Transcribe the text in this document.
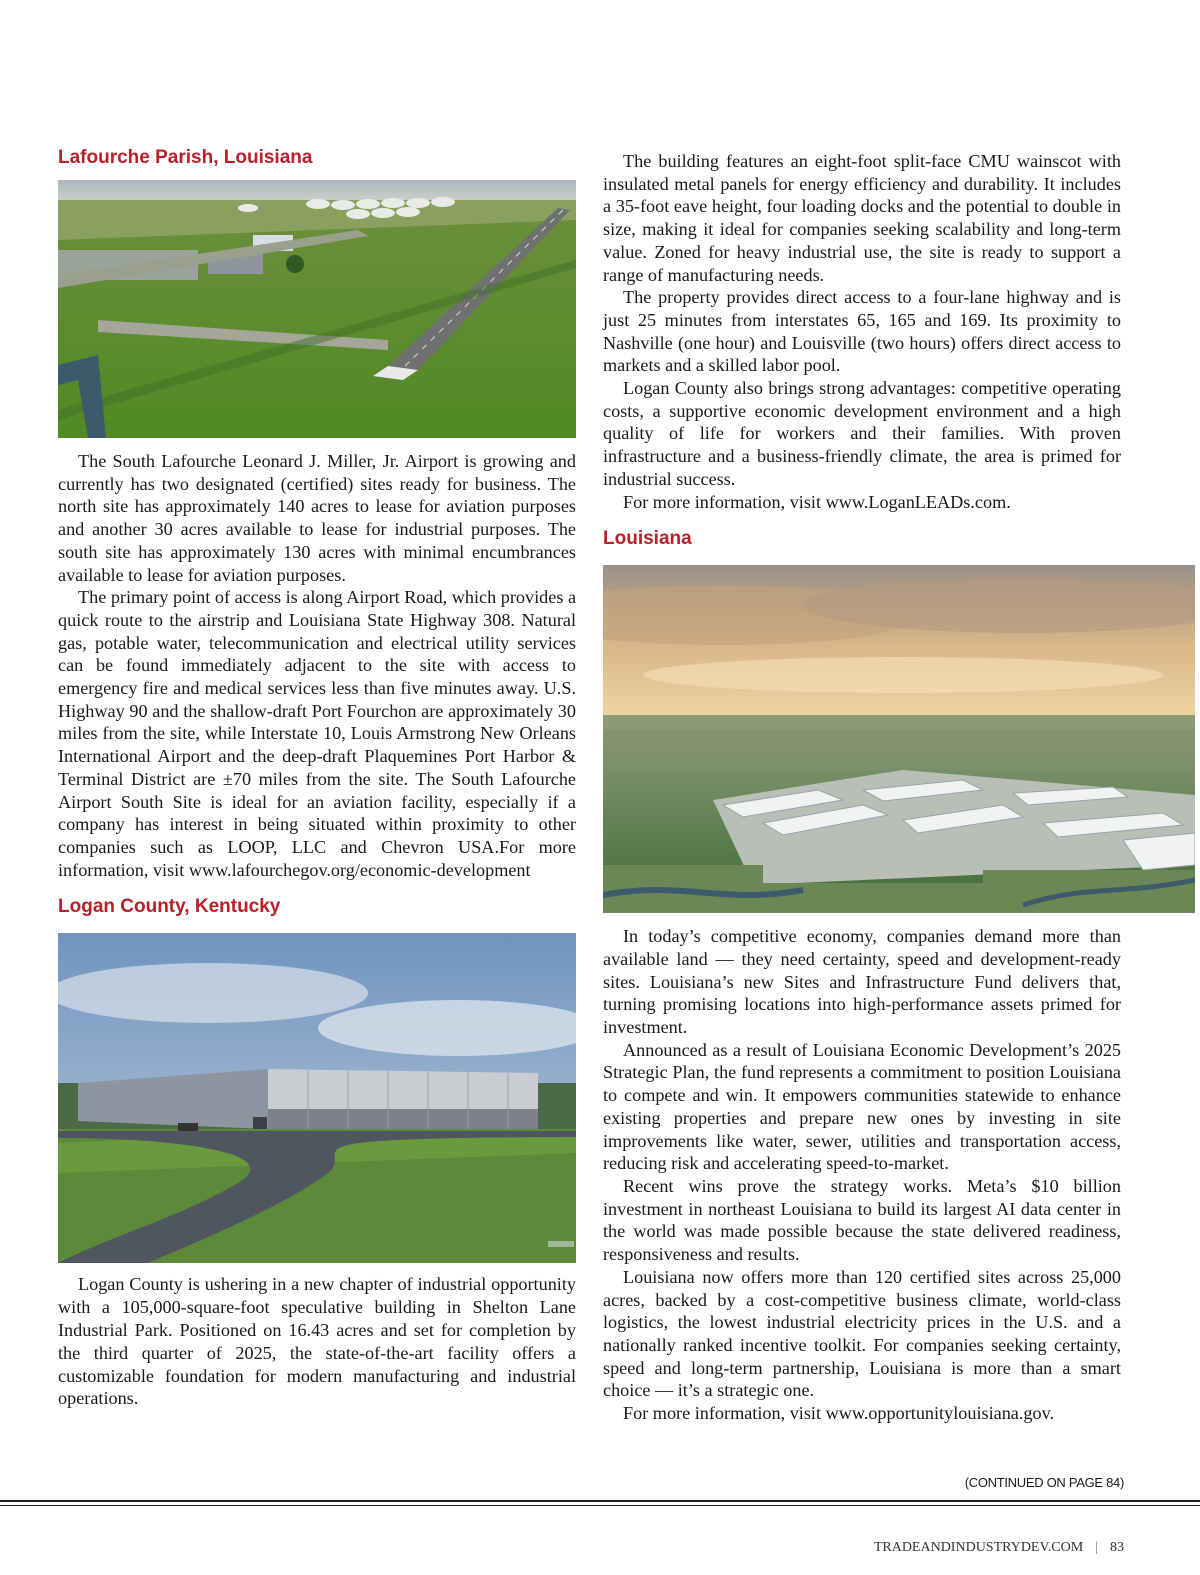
Lafourche Parish, Louisiana

The South Lafourche Leonard J. Miller, Jr. Airport is growing and currently has two designated (certified) sites ready for business. The north site has approximately 140 acres to lease for aviation purposes and another 30 acres available to lease for industrial purposes. The south site has approximately 130 acres with minimal encumbrances available to lease for aviation purposes.

The primary point of access is along Airport Road, which provides a quick route to the airstrip and Louisiana State Highway 308. Natural gas, potable water, telecommunication and electrical utility services can be found immediately adjacent to the site with access to emergency fire and medical services less than five minutes away. U.S. Highway 90 and the shallow-draft Port Fourchon are approximately 30 miles from the site, while Interstate 10, Louis Armstrong New Orleans International Airport and the deep-draft Plaquemines Port Harbor & Terminal District are ±70 miles from the site. The South Lafourche Airport South Site is ideal for an aviation facility, especially if a company has interest in being situated within proximity to other companies such as LOOP, LLC and Chevron USA.For more information, visit www.lafourchegov.org/economic-development

Logan County, Kentucky

Logan County is ushering in a new chapter of industrial opportunity with a 105,000-square-foot speculative building in Shelton Lane Industrial Park. Positioned on 16.43 acres and set for completion by the third quarter of 2025, the state-of-the-art facility offers a customizable foundation for modern manufacturing and industrial operations.

The building features an eight-foot split-face CMU wainscot with insulated metal panels for energy efficiency and durability. It includes a 35-foot eave height, four loading docks and the potential to double in size, making it ideal for companies seeking scalability and long-term value. Zoned for heavy industrial use, the site is ready to support a range of manufacturing needs.

The property provides direct access to a four-lane highway and is just 25 minutes from interstates 65, 165 and 169. Its proximity to Nashville (one hour) and Louisville (two hours) offers direct access to markets and a skilled labor pool.

Logan County also brings strong advantages: competitive operating costs, a supportive economic development environment and a high quality of life for workers and their families. With proven infrastructure and a business-friendly climate, the area is primed for industrial success.

For more information, visit www.LoganLEADs.com.

Louisiana

In today’s competitive economy, companies demand more than available land — they need certainty, speed and development-ready sites. Louisiana’s new Sites and Infrastructure Fund delivers that, turning promising locations into high-performance assets primed for investment.

Announced as a result of Louisiana Economic Development’s 2025 Strategic Plan, the fund represents a commitment to position Louisiana to compete and win. It empowers communities statewide to enhance existing properties and prepare new ones by investing in site improvements like water, sewer, utilities and transportation access, reducing risk and accelerating speed-to-market.

Recent wins prove the strategy works. Meta’s $10 billion investment in northeast Louisiana to build its largest AI data center in the world was made possible because the state delivered readiness, responsiveness and results.

Louisiana now offers more than 120 certified sites across 25,000 acres, backed by a cost-competitive business climate, world-class logistics, the lowest industrial electricity prices in the U.S. and a nationally ranked incentive toolkit. For companies seeking certainty, speed and long-term partnership, Louisiana is more than a smart choice — it’s a strategic one.

For more information, visit www.opportunitylouisiana.gov.

(CONTINUED ON PAGE 84)
TRADEANDINDUSTRYDEV.COM | 83
